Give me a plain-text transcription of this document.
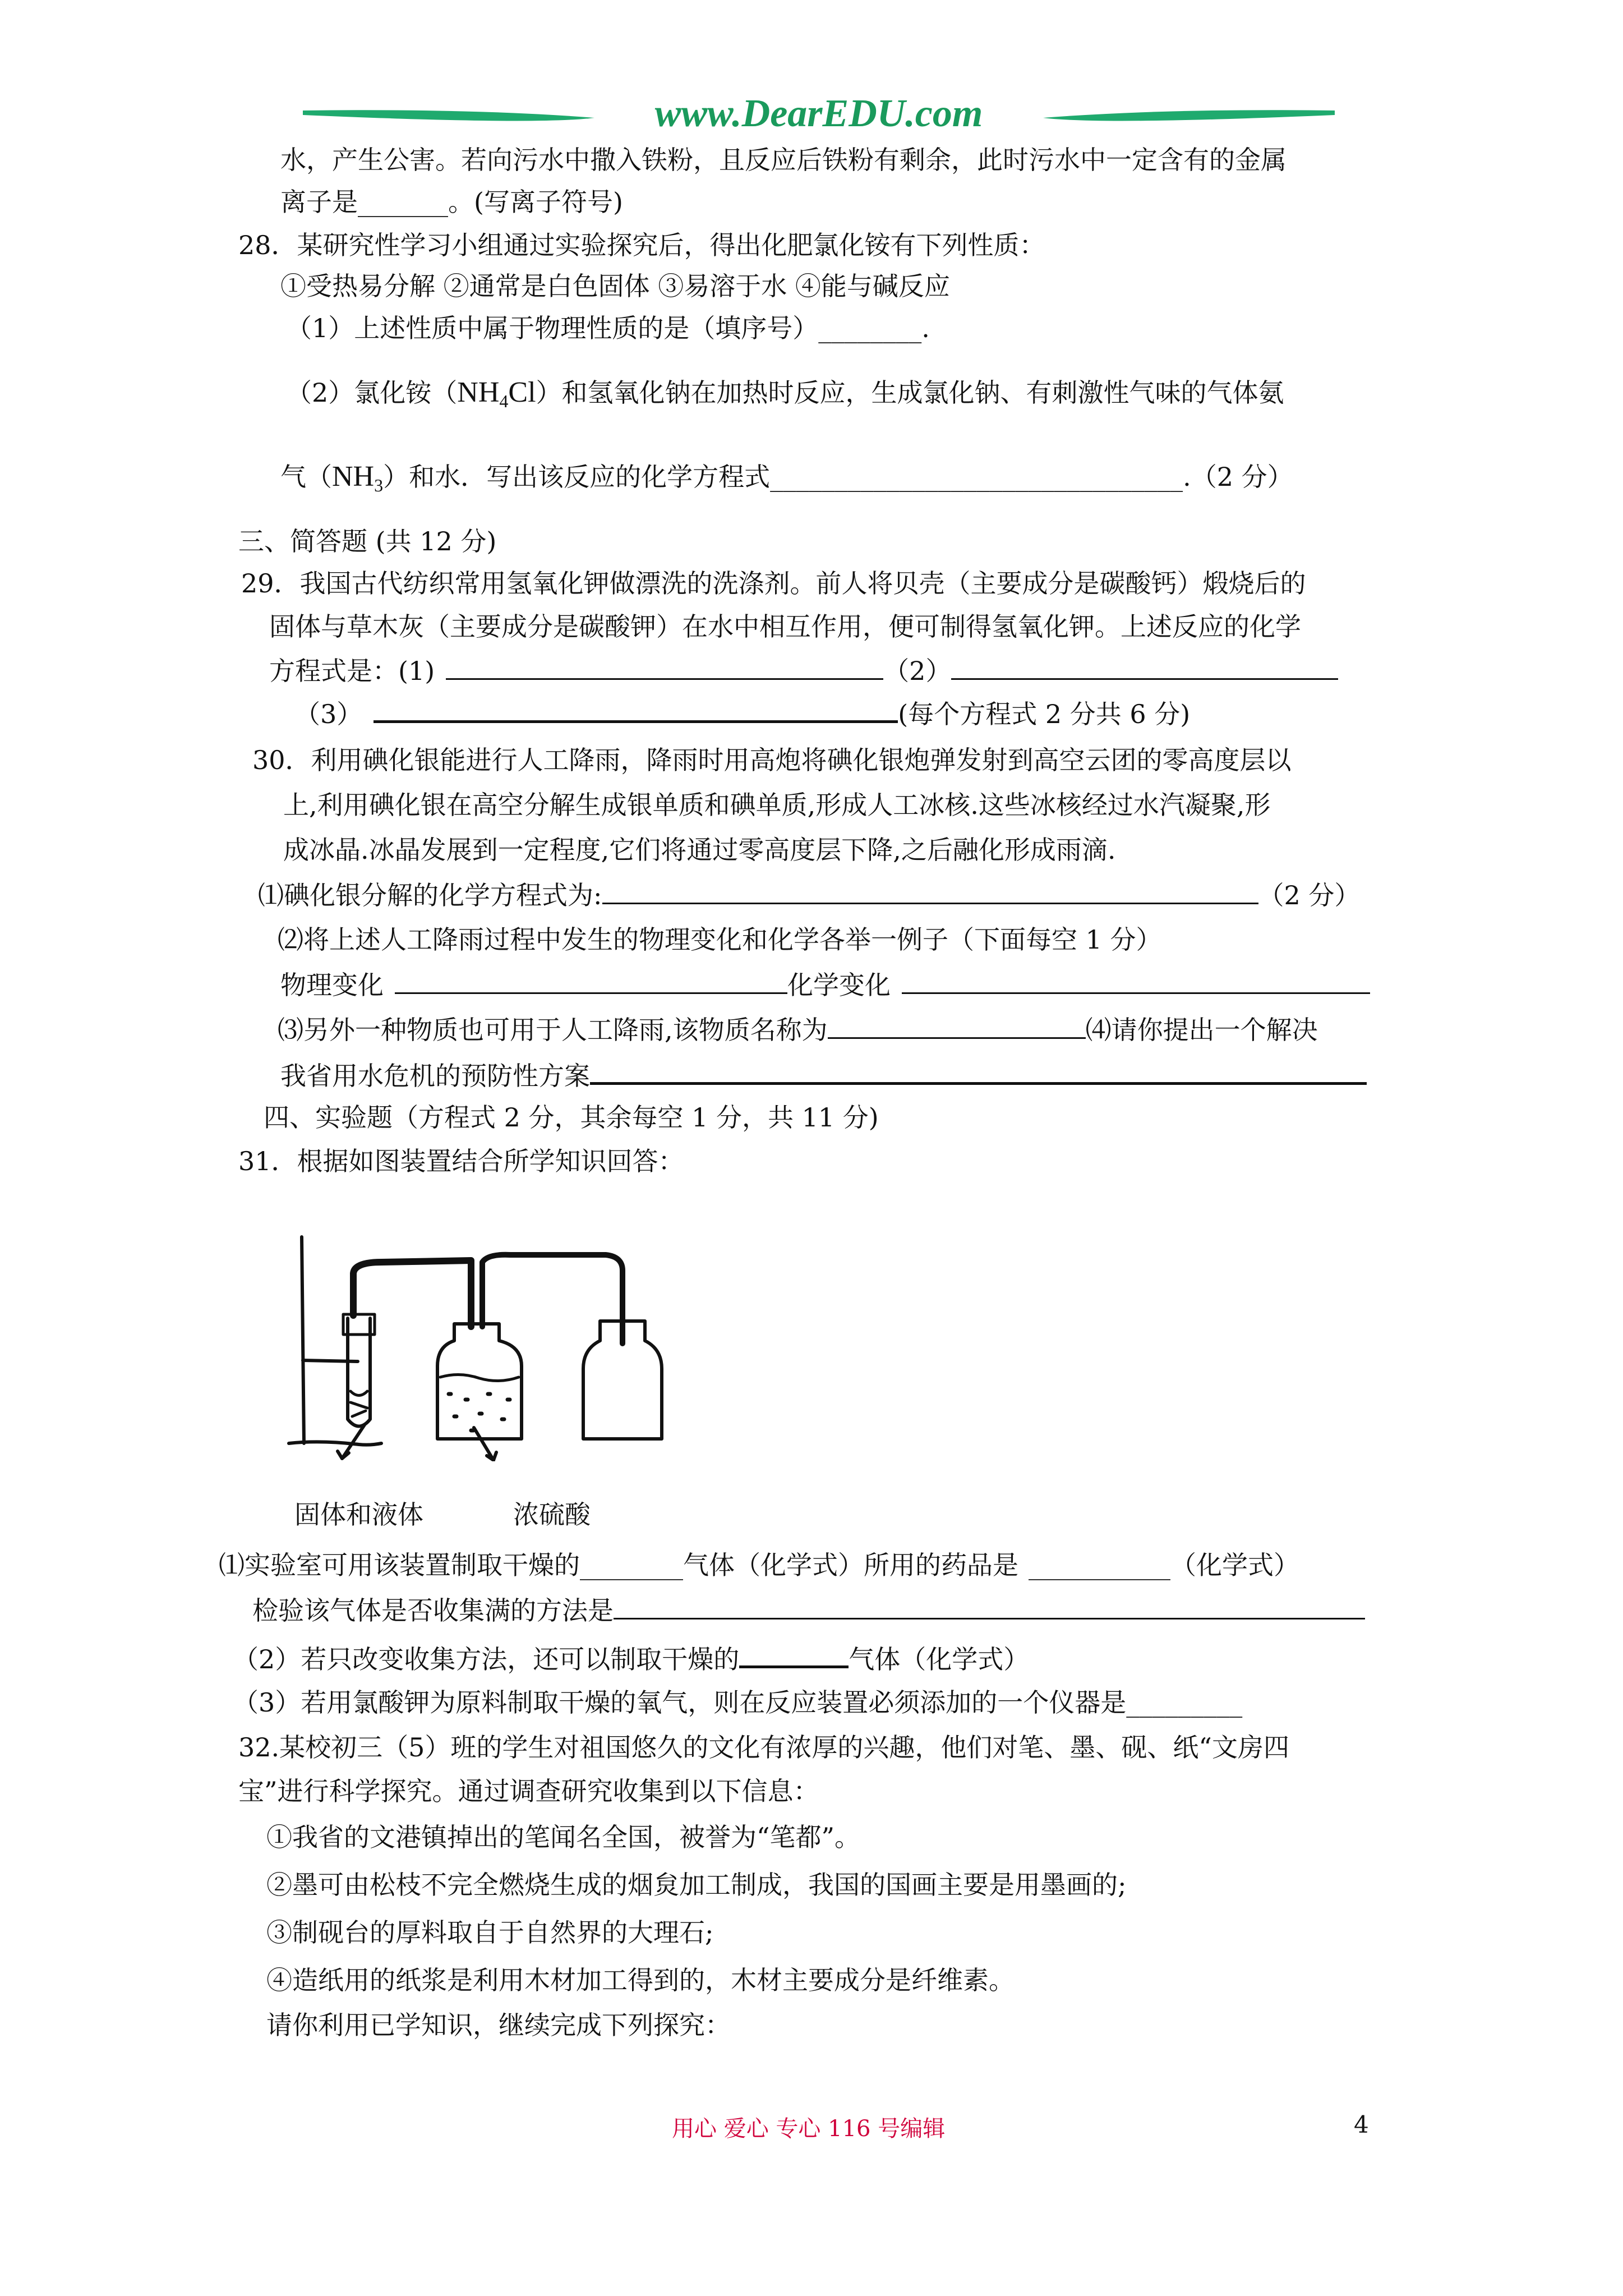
www.DearEDU.com
水，产生公害。若向污水中撒入铁粉，且反应后铁粉有剩余，此时污水中一定含有的金属
离子是_______。(写离子符号)
28．某研究性学习小组通过实验探究后，得出化肥氯化铵有下列性质：
①受热易分解 ②通常是白色固体 ③易溶于水 ④能与碱反应
（1）上述性质中属于物理性质的是（填序号）________.
（2）氯化铵$(NH_4Cl)$和氢氧化钠在加热时反应，生成氯化钠、有刺激性气味的气体氨
气$(NH_3)$和水．写出该反应的化学方程式________________________________.（2 分）
三、简答题 (共 12 分)
29．我国古代纺织常用氢氧化钾做漂洗的洗涤剂。前人将贝壳（主要成分是碳酸钙）煅烧后的
固体与草木灰（主要成分是碳酸钾）在水中相互作用，便可制得氢氧化钾。上述反应的化学
方程式是：(1)	（2）
（3）	(每个方程式 2 分共 6 分)
30．利用碘化银能进行人工降雨，降雨时用高炮将碘化银炮弹发射到高空云团的零高度层以
上,利用碘化银在高空分解生成银单质和碘单质,形成人工冰核.这些冰核经过水汽凝聚,形
成冰晶.冰晶发展到一定程度,它们将通过零高度层下降,之后融化形成雨滴.
⑴碘化银分解的化学方程式为:	（2 分）
⑵将上述人工降雨过程中发生的物理变化和化学各举一例子（下面每空 1 分）
物理变化	化学变化
⑶另外一种物质也可用于人工降雨,该物质名称为	⑷请你提出一个解决
我省用水危机的预防性方案
四、实验题（方程式 2 分，其余每空 1 分，共 11 分)
31．根据如图装置结合所学知识回答：
固体和液体	浓硫酸
⑴实验室可用该装置制取干燥的________气体（化学式）所用的药品是 ___________（化学式）
检验该气体是否收集满的方法是
（2）若只改变收集方法，还可以制取干燥的	气体（化学式）
（3）若用氯酸钾为原料制取干燥的氧气，则在反应装置必须添加的一个仪器是_________
32.某校初三（5）班的学生对祖国悠久的文化有浓厚的兴趣，他们对笔、墨、砚、纸“文房四
宝”进行科学探究。通过调查研究收集到以下信息：
①我省的文港镇掉出的笔闻名全国，被誉为“笔都”。
②墨可由松枝不完全燃烧生成的烟炱加工制成，我国的国画主要是用墨画的;
③制砚台的厚料取自于自然界的大理石;
④造纸用的纸浆是利用木材加工得到的，木材主要成分是纤维素。
请你利用已学知识，继续完成下列探究：
用心 爱心 专心 116 号编辑	4
